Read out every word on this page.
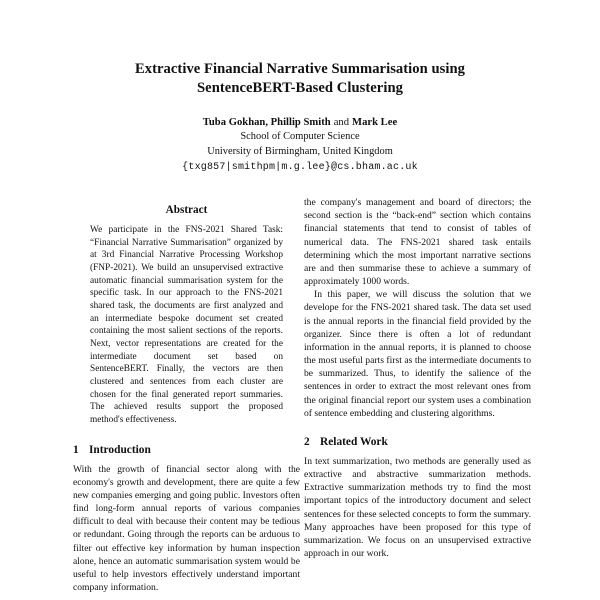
Extractive Financial Narrative Summarisation using
SentenceBERT-Based Clustering
Tuba Gokhan, Phillip Smith and Mark Lee
School of Computer Science
University of Birmingham, United Kingdom
{txg857|smithpm|m.g.lee}@cs.bham.ac.uk
Abstract

We participate in the FNS-2021 Shared Task: “Financial Narrative Summarisation” organized by at 3rd Financial Narrative Processing Workshop (FNP-2021). We build an unsupervised extractive automatic financial summarisation system for the specific task. In our approach to the FNS-2021 shared task, the documents are first analyzed and an intermediate bespoke document set created containing the most salient sections of the reports. Next, vector representations are created for the intermediate document set based on SentenceBERT. Finally, the vectors are then clustered and sentences from each cluster are chosen for the final generated report summaries. The achieved results support the proposed method's effectiveness.

1 Introduction

With the growth of financial sector along with the economy's growth and development, there are quite a few new companies emerging and going public. Investors often find long-form annual reports of various companies difficult to deal with because their content may be tedious or redundant. Going through the reports can be arduous to filter out effective key information by human inspection alone, hence an automatic summarisation system would be useful to help investors effectively understand important company information.

the company's management and board of directors; the second section is the “back-end” section which contains financial statements that tend to consist of tables of numerical data. The FNS-2021 shared task entails determining which the most important narrative sections are and then summarise these to achieve a summary of approximately 1000 words.

In this paper, we will discuss the solution that we develope for the FNS-2021 shared task. The data set used is the annual reports in the financial field provided by the organizer. Since there is often a lot of redundant information in the annual reports, it is planned to choose the most useful parts first as the intermediate documents to be summarized. Thus, to identify the salience of the sentences in order to extract the most relevant ones from the original financial report our system uses a combination of sentence embedding and clustering algorithms.

2 Related Work

In text summarization, two methods are generally used as extractive and abstractive summarization methods. Extractive summarization methods try to find the most important topics of the introductory document and select sentences for these selected concepts to form the summary. Many approaches have been proposed for this type of summarization. We focus on an unsupervised extractive approach in our work.
